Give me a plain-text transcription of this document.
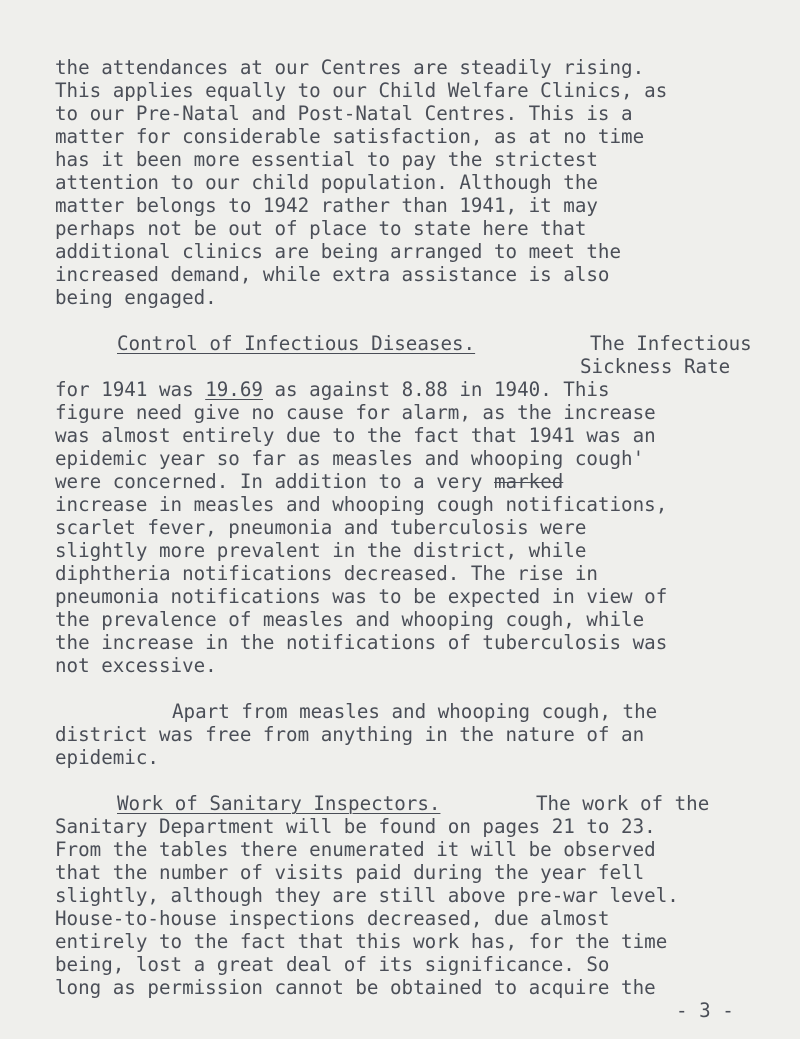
the attendances at our Centres are steadily rising.
This applies equally to our Child Welfare Clinics, as
to our Pre-Natal and Post-Natal Centres. This is a
matter for considerable satisfaction, as at no time
has it been more essential to pay the strictest
attention to our child population. Although the
matter belongs to 1942 rather than 1941, it may
perhaps not be out of place to state here that
additional clinics are being arranged to meet the
increased demand, while extra assistance is also
being engaged.
Control of Infectious Diseases.	The Infectious
Sickness Rate
for 1941 was 19.69 as against 8.88 in 1940. This
figure need give no cause for alarm, as the increase
was almost entirely due to the fact that 1941 was an
epidemic year so far as measles and whooping cough'
were concerned. In addition to a very marked
increase in measles and whooping cough notifications,
scarlet fever, pneumonia and tuberculosis were
slightly more prevalent in the district, while
diphtheria notifications decreased. The rise in
pneumonia notifications was to be expected in view of
the prevalence of measles and whooping cough, while
the increase in the notifications of tuberculosis was
not excessive.
Apart from measles and whooping cough, the
district was free from anything in the nature of an
epidemic.
Work of Sanitary Inspectors.	The work of the
Sanitary Department will be found on pages 21 to 23.
From the tables there enumerated it will be observed
that the number of visits paid during the year fell
slightly, although they are still above pre-war level.
House-to-house inspections decreased, due almost
entirely to the fact that this work has, for the time
being, lost a great deal of its significance. So
long as permission cannot be obtained to acquire the
- 3 -
